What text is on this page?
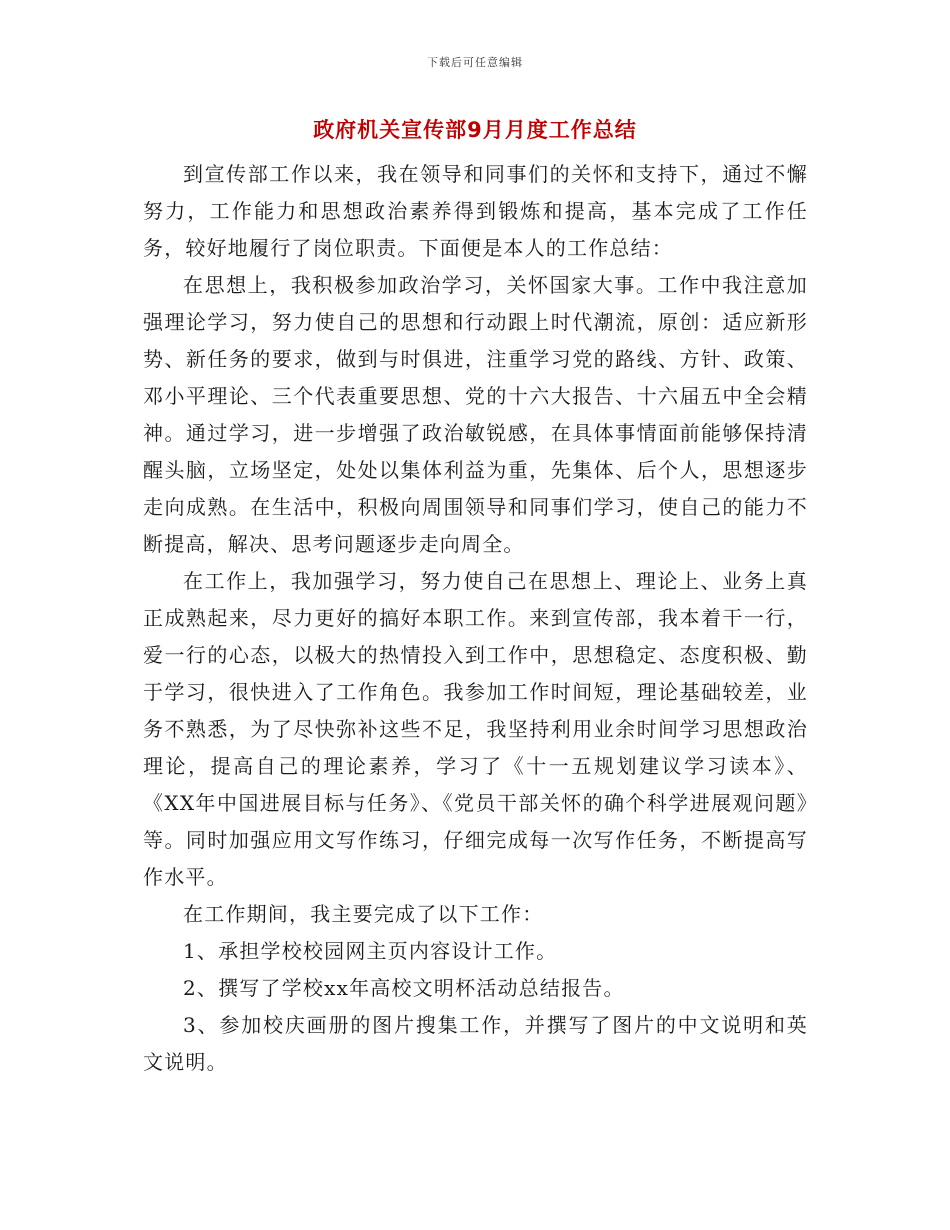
下载后可任意编辑
政府机关宣传部9月月度工作总结

到宣传部工作以来，我在领导和同事们的关怀和支持下，通过不懈努力，工作能力和思想政治素养得到锻炼和提高，基本完成了工作任务，较好地履行了岗位职责。下面便是本人的工作总结：

在思想上，我积极参加政治学习，关怀国家大事。工作中我注意加强理论学习，努力使自己的思想和行动跟上时代潮流，原创：适应新形势、新任务的要求，做到与时俱进，注重学习党的路线、方针、政策、邓小平理论、三个代表重要思想、党的十六大报告、十六届五中全会精神。通过学习，进一步增强了政治敏锐感，在具体事情面前能够保持清醒头脑，立场坚定，处处以集体利益为重，先集体、后个人，思想逐步走向成熟。在生活中，积极向周围领导和同事们学习，使自己的能力不断提高，解决、思考问题逐步走向周全。

在工作上，我加强学习，努力使自己在思想上、理论上、业务上真正成熟起来，尽力更好的搞好本职工作。来到宣传部，我本着干一行，爱一行的心态，以极大的热情投入到工作中，思想稳定、态度积极、勤于学习，很快进入了工作角色。我参加工作时间短，理论基础较差，业务不熟悉，为了尽快弥补这些不足，我坚持利用业余时间学习思想政治理论，提高自己的理论素养，学习了《十一五规划建议学习读本》、《XX年中国进展目标与任务》、《党员干部关怀的确个科学进展观问题》等。同时加强应用文写作练习，仔细完成每一次写作任务，不断提高写作水平。

在工作期间，我主要完成了以下工作：

1、承担学校校园网主页内容设计工作。

2、撰写了学校xx年高校文明杯活动总结报告。

3、参加校庆画册的图片搜集工作，并撰写了图片的中文说明和英文说明。
